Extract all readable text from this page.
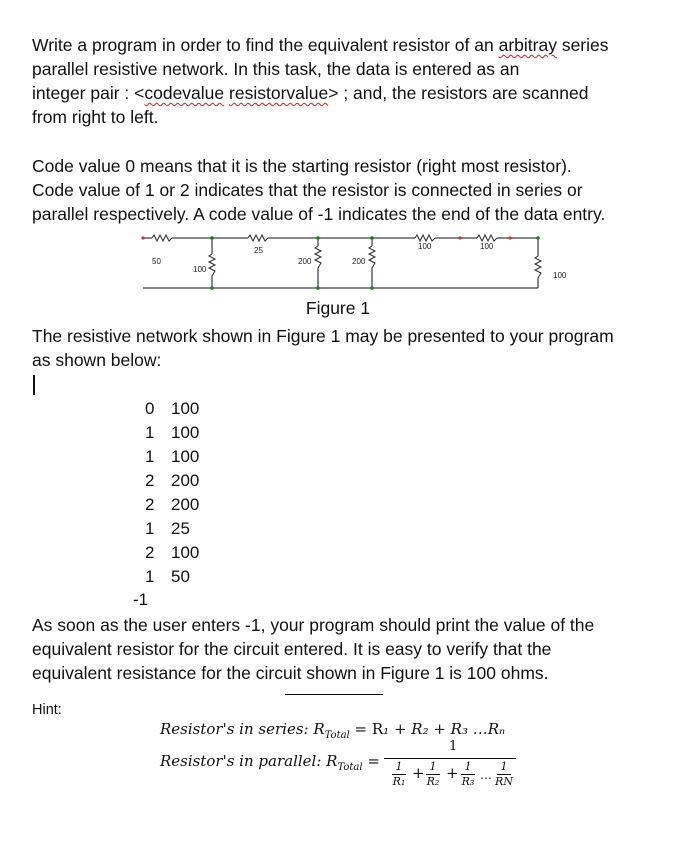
Write a program in order to find the equivalent resistor of an arbitray series
parallel resistive network. In this task, the data is entered as an
integer pair : <codevalue resistorvalue> ; and, the resistors are scanned
from right to left.
Code value 0 means that it is the starting resistor (right most resistor).
Code value of 1 or 2 indicates that the resistor is connected in series or
parallel respectively. A code value of -1 indicates the end of the data entry.
50
100
25
200	200
100	100
100
Figure 1
The resistive network shown in Figure 1 may be presented to your program
as shown below:
0 100
1 100
1 100
2 200
2 200
1 25
2 100
1 50
-1
As soon as the user enters -1, your program should print the value of the
equivalent resistor for the circuit entered. It is easy to verify that the
equivalent resistance for the circuit shown in Figure 1 is 100 ohms.
Hint:
Resistor's in series: $R_{Total} = R_1 + R_2 + R_3$ …Rₙ
Resistor's in parallel: $R_{Total}$ =
1
1
R₁ + 1
R₂ + 1
R₃ …
1
RN
